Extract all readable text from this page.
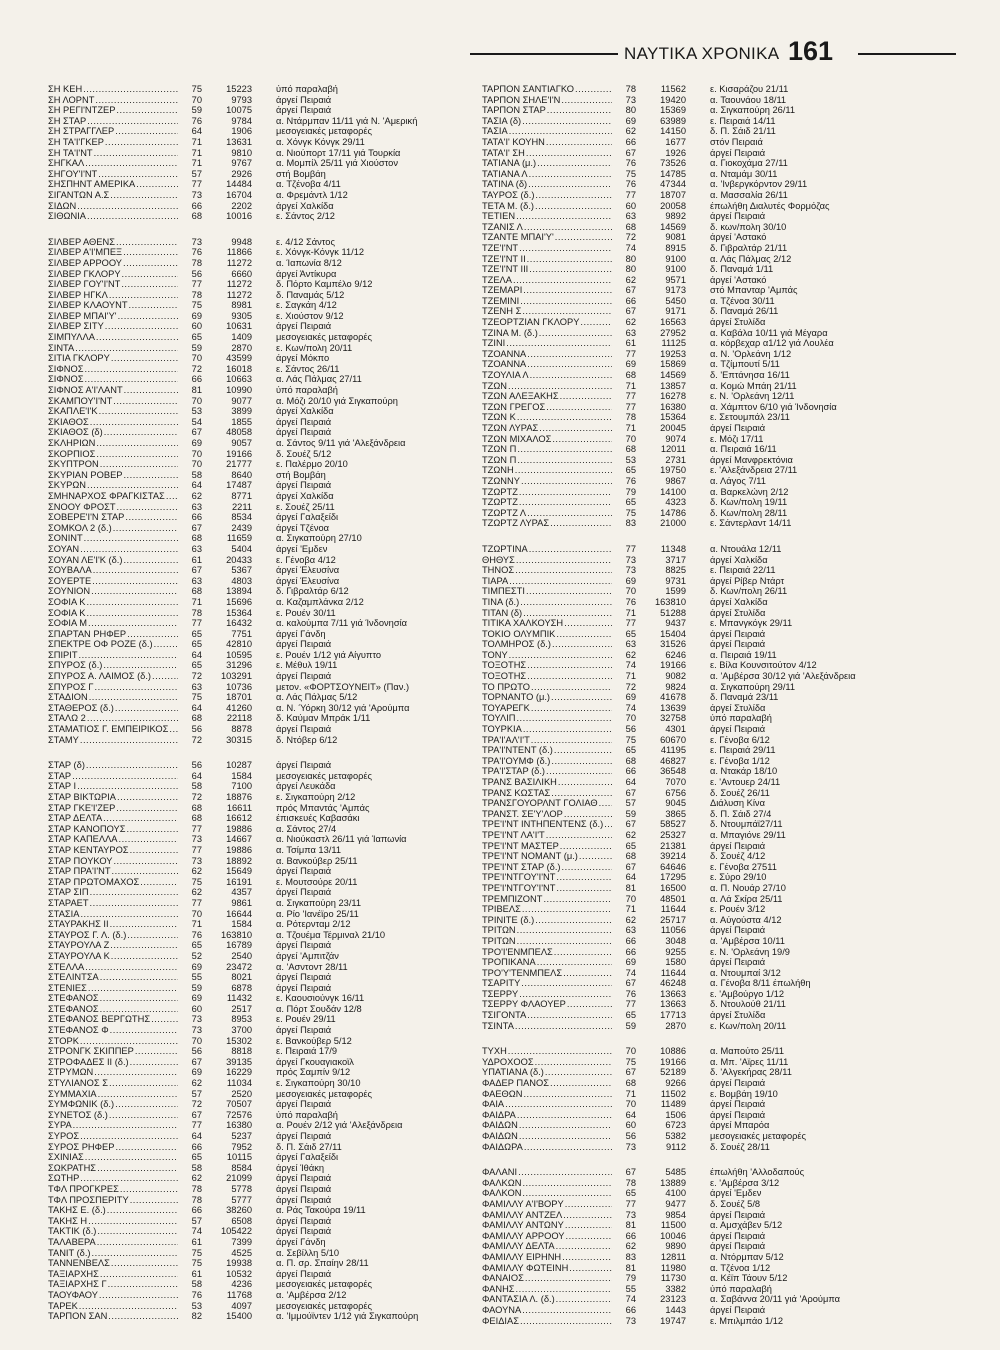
ΝΑΥΤΙΚΑ ΧΡΟΝΙΚΑ 161
ΣΗ ΚΕΗ .....	75	15223	ύπό παραλαβή
ΣΗ ΛΟΡΝΤ .....	70	9793	άργεί Πειραιά
ΣΗ ΡΕΓΙ'ΝΤΖΕΡ .....	59	10075	άργεί Πειραιά
ΣΗ ΣΤΑΡ .....	76	9784	α. Ντάρμπαν 11/11 γιά Ν. 'Αμερική
ΣΗ ΣΤΡΑΓΓΛΕΡ .....	64	1906	μεσογειακές μεταφορές
ΣΗ ΤΑ'Ι'ΓΚΕΡ .....	71	13631	α. Χόνγκ Κόνγκ 29/11
ΣΗ ΤΑ'Ι'ΝΤ .....	71	9810	α. Νιούπορτ 17/11 γιά Τουρκία
ΣΗΓΚΑΛ .....	71	9767	α. Μομπίλ 25/11 γιά Χιούστον
ΣΗΓΟΥ'Ι'ΝΤ .....	57	2926	στή Βομβάη
ΣΗΣΠΗΝΤ ΑΜΕΡΙΚΑ .....	77	14484	α. Τζένοβα 4/11
ΣΙΓΑΝΤΩΝ Α.Σ .....	73	16704	α. Φρεμάντλ 1/12
ΣΙΔΩΝ .....	66	2202	άργεί Χαλκίδα
ΣΙΘΩΝΙΑ .....	68	10016	ε. Σάντος 2/12
ΣΙΛΒΕΡ ΑΘΕΝΣ .....	73	9948	ε. 4/12 Σάντος
ΣΙΛΒΕΡ Α'Ι'ΜΠΕΞ .....	76	11866	ε. Χόνγκ-Κόνγκ 11/12
ΣΙΛΒΕΡ ΑΡΡΟΟΥ .....	78	11272	α. Ίαπωνία 8/12
ΣΙΛΒΕΡ ΓΚΛΟΡΥ .....	56	6660	άργεί Άντίκυρα
ΣΙΛΒΕΡ ΓΟΥ'Ι'ΝΤ .....	77	11272	δ. Πόρτο Καμπέλο 9/12
ΣΙΛΒΕΡ ΗΓΚΛ .....	78	11272	δ. Παναμάς 5/12
ΣΙΛΒΕΡ ΚΛΑΟΥΝΤ .....	75	8981	ε. Σαγκάη 4/12
ΣΙΛΒΕΡ ΜΠΑΙ'Υ' .....	69	9305	ε. Χιούστον 9/12
ΣΙΛΒΕΡ ΣΙΤΥ .....	60	10631	άργεί Πειραιά
ΣΙΜΠΥΛΛΑ .....	65	1409	μεσογειακές μεταφορές
ΣΙΝΤΑ .....	59	2870	ε. Κων/πολη 20/11
ΣΙΤΙΑ ΓΚΛΟΡΥ .....	70	43599	άργεί Μόκπο
ΣΙΦΝΟΣ .....	72	16018	ε. Σάντος 26/11
ΣΙΦΝΟΣ .....	66	10663	α. Λάς Πάλμας 27/11
ΣΙΦΝΟΣ Α'Ι'ΛΑΝΤ .....	81	10990	ύπό παραλαβή
ΣΚΑΜΠΟΥ'Ι'ΝΤ .....	70	9077	α. Μόζι 20/10 γιά Σιγκαπούρη
ΣΚΑΠΛΕ'Ι'Κ .....	53	3899	άργεί Χαλκίδα
ΣΚΙΑΘΟΣ .....	54	1855	άργεί Πειραιά
ΣΚΙΑΘΟΣ (δ) .....	67	48058	άργεί Πειραιά
ΣΚΛΗΡΙΩΝ .....	69	9057	α. Σάντος 9/11 γιά 'Αλεξάνδρεια
ΣΚΟΡΠΙΟΣ .....	70	19166	δ. Σουέζ 5/12
ΣΚΥΠΤΡΟΝ .....	70	21777	ε. Παλέρμο 20/10
ΣΚΥΡΙΑΝ ΡΟΒΕΡ .....	58	8640	στή Βομβάη
ΣΚΥΡΩΝ .....	64	17487	άργεί Πειραιά
ΣΜΗΝΑΡΧΟΣ ΦΡΑΓΚΙΣΤΑΣ .....	62	8771	άργεί Χαλκίδα
ΣΝΟΟΥ ΦΡΟΣΤ .....	63	2211	ε. Σουέζ 25/11
ΣΟΒΕΡΕ'Ι'Ν ΣΤΑΡ .....	66	8534	άργεί Γαλαξείδι
ΣΟΜΚΟΛ 2 (δ.) .....	67	2439	άργεί Τζένοα
ΣΟΝΙΝΤ .....	68	11659	α. Σιγκαπούρη 27/10
ΣΟΥΑΝ .....	63	5404	άργεί 'Εμδεν
ΣΟΥΑΝ ΛΕ'Ι'Κ (δ.) .....	61	20433	ε. Γένοβα 4/12
ΣΟΥΒΑΛΑ .....	67	5367	άργεί Έλευσίνα
ΣΟΥΕΡΤΕ .....	63	4803	άργεί Έλευσίνα
ΣΟΥΝΙΟΝ .....	68	13894	δ. Γιβραλτάρ 6/12
ΣΟΦΙΑ Κ .....	71	15696	α. Καζαμπλάνκα 2/12
ΣΟΦΙΑ Κ .....	78	15364	ε. Ρουέν 30/11
ΣΟΦΙΑ Μ .....	77	16432	α. καλούμπα 7/11 γιά Ίνδονησία
ΣΠΑΡΤΑΝ ΡΗΦΕΡ .....	65	7751	άργεί Γάνδη
ΣΠΕΚΤΡΕ ΟΦ ΡΟΖΕ (δ.) .....	65	42810	άργεί Πειραιά
ΣΠΙΡΙΤ .....	64	10595	ε. Ρουέν 1/12 γιά Αίγυπτο
ΣΠΥΡΟΣ (δ.) .....	65	31296	ε. Μέθυλ 19/11
ΣΠΥΡΟΣ Α. ΛΑΙΜΟΣ (δ.) .....	72	103291	άργεί Πειραιά
ΣΠΥΡΟΣ Γ .....	63	10736	μετον. «ΦΟΡΤΣΟΥΝΕΙΤ» (Παν.)
ΣΤΑΔΙΟΝ .....	75	18701	α. Λάς Πάλμας 5/12
ΣΤΑΘΕΡΟΣ (δ.) .....	64	41260	α. Ν. Ύόρκη 30/12 γιά 'Αρούμπα
ΣΤΑΛΩ 2 .....	68	22118	δ. Καύμαν Μπράκ 1/11
ΣΤΑΜΑΤΙΟΣ Γ. ΕΜΠΕΙΡΙΚΟΣ .....	56	8878	άργεί Πειραιά
ΣΤΑΜΥ .....	72	30315	δ. Ντόβερ 6/12
ΣΤΑΡ (δ) .....	56	10287	άργεί Πειραιά
ΣΤΑΡ .....	64	1584	μεσογειακές μεταφορές
ΣΤΑΡ Ι .....	58	7100	άργεί Λευκάδα
ΣΤΑΡ ΒΙΚΤΩΡΙΑ .....	72	18876	ε. Σιγκαπούρη 2/12
ΣΤΑΡ ΓΚΕ'Ι'ΖΕΡ .....	68	16611	πρός Μπαντάς 'Αμπάς
ΣΤΑΡ ΔΕΛΤΑ .....	68	16612	έπισκευές Καβασάκι
ΣΤΑΡ ΚΑΝΟΠΟΥΣ .....	77	19886	α. Σάντος 27/4
ΣΤΑΡ ΚΑΠΕΛΛΑ .....	73	14667	α. Νιούκαστλ 26/11 γιά Ίαπωνία
ΣΤΑΡ ΚΕΝΤΑΥΡΟΣ .....	77	19886	α. Τσίμπα 13/11
ΣΤΑΡ ΠΟΥΚΟΥ .....	73	18892	α. Βανκούβερ 25/11
ΣΤΑΡ ΠΡΑ'Ι'ΝΤ .....	62	15649	άργεί Πειραιά
ΣΤΑΡ ΠΡΩΤΟΜΑΧΟΣ .....	75	16191	ε. Μουτσούρε 20/11
ΣΤΑΡ ΣΙΠ .....	62	4357	άργεί Πειραιά
ΣΤΑΡΑΕΤ .....	77	9861	α. Σιγκαπούρη 23/11
ΣΤΑΣΙΑ .....	70	16644	α. Ρίο 'Ιανέϊρο 25/11
ΣΤΑΥΡΑΚΗΣ ΙΙ .....	71	1584	α. Ρότερνταμ 2/12
ΣΤΑΥΡΟΣ Γ. Λ. (δ.) .....	76	163810	α. Τζουέμα Τέρμιναλ 21/10
ΣΤΑΥΡΟΥΛΑ Ζ .....	65	16789	άργεί Πειραιά
ΣΤΑΥΡΟΥΛΑ Κ .....	52	2540	άργεί 'Αμπιτζάν
ΣΤΕΛΛΑ .....	69	23472	α. 'Ασντονт 28/11
ΣΤΕΛΙΝΤΣΑ .....	55	8021	άργεί Πειραιά
ΣΤΕΝΙΕΣ .....	59	6878	άργεί Πειραιά
ΣΤΕΦΑΝΟΣ .....	69	11432	ε. Καουσιούνγκ 16/11
ΣΤΕΦΑΝΟΣ .....	60	2517	α. Πόρτ Σουδάν 12/8
ΣΤΕΦΑΝΟΣ ΒΕΡΓΩΤΗΣ .....	73	8953	ε. Ρουέν 29/11
ΣΤΕΦΑΝΟΣ Φ .....	73	3700	άργεί Πειραιά
ΣΤΟΡΚ .....	70	15302	ε. Βανκούβερ 5/12
ΣΤΡΟΝΓΚ ΣΚΙΠΠΕΡ .....	56	8818	ε. Πειραιά 17/9
ΣΤΡΟΦΑΔΕΣ ΙΙ (δ.) .....	67	39135	άργεί Γκουαγιακοϊλ
ΣΤΡΥΜΩΝ .....	69	16229	πρός Σαμπίν 9/12
ΣΤΥΛΙΑΝΟΣ Σ .....	62	11034	ε. Σιγκαπούρη 30/10
ΣΥΜΜΑΧΙΑ .....	57	2520	μεσογειακές μεταφορές
ΣΥΜΦΩΝΙΚ (δ.) .....	72	70507	άργεί Πειραιά
ΣΥΝΕΤΟΣ (δ.) .....	67	72576	ύπό παραλαβή
ΣΥΡΑ .....	77	16380	α. Ρουέν 2/12 γιά 'Αλεξάνδρεια
ΣΥΡΟΣ .....	64	5237	άργεί Πειραιά
ΣΥΡΟΣ ΡΗΦΕΡ .....	66	7952	δ. Π. Σάιδ 27/11
ΣΧΙΝΙΑΣ .....	65	10115	άργεί Γαλαξείδι
ΣΩΚΡΑΤΗΣ .....	58	8584	άργεί Ίθάκη
ΣΩΤΗΡ .....	62	21099	άργεί Πειραιά
ΤΦΛ ΠΡΟΓΚΡΕΣ .....	78	5778	άργεί Πειραιά
ΤΦΛ ΠΡΟΣΠΕΡΙΤΥ .....	78	5777	άργεί Πειραιά
ΤΑΚΗΣ Ε. (δ.) .....	66	38260	α. Ράς Τακούρα 19/11
ΤΑΚΗΣ Η .....	57	6508	άργεί Πειραιά
ΤΑΚΤΙΚ (δ.) .....	74	105422	άργεί Πειραιά
ΤΑΛΑΒΕΡΑ .....	61	7399	άργεί Γάνδη
ΤΑΝΙΤ (δ.) .....	75	4525	α. Σεβίλλη 5/10
ΤΑΝΝΕΝΒΕΛΣ .....	75	19938	α. Π. σρ. Σπαίην 28/11
ΤΑΞΙΑΡΧΗΣ .....	61	10532	άργεί Πειραιά
ΤΑΞΙΑΡΧΗΣ Γ .....	58	4236	μεσογειακές μεταφορές
ΤΑΟΥΦΑΟΥ .....	76	11768	α. 'Αμβέρσα 2/12
ΤΑΡΕΚ .....	53	4097	μεσογειακές μεταφορές
ΤΑΡΠΟΝ ΣΑΝ .....	82	15400	α. 'Ιμμούϊντεν 1/12 γιά Σιγκαπούρη
ΤΑΡΠΟΝ ΣΑΝΤΙΑΓΚΟ .....	78	11562	ε. Κισαράζου 21/11
ΤΑΡΠΟΝ ΣΗΛΕ'Ι'Ν .....	73	19420	α. Ταουνάου 18/11
ΤΑΡΠΟΝ ΣΤΑΡ .....	80	15369	α. Σιγκαπούρη 26/11
ΤΑΣΙΑ (δ) .....	69	63989	ε. Πειραιά 14/11
ΤΑΣΙΑ .....	62	14150	δ. Π. Σάιδ 21/11
ΤΑΤΑ'Ι' ΚΟΥΗΝ .....	66	1677	στόν Πειραιά
ΤΑΤΑ'Ι' ΣΗ .....	67	1926	άργεί Πειραιά
ΤΑΤΙΑΝΑ (μ.) .....	76	73526	α. Γιοκοχάμα 27/11
ΤΑΤΙΑΝΑ Λ .....	75	14785	α. Νταμάμ 30/11
ΤΑΤΙΝΑ (δ) .....	76	47344	α. 'Ινβεργκόρντον 29/11
ΤΑΥΡΟΣ (δ.) .....	77	18707	α. Μασσαλία 26/11
ΤΕΤΑ Μ. (δ.) .....	60	20058	έπωλήθη Διαλυτές Φορμόζας
ΤΕΤΙΕΝ .....	63	9892	άργεί Πειραιά
ΤΖΑΝΙΣ Λ .....	68	14569	δ. κων/πολη 30/10
ΤΖΑΝΤΕ ΜΠΑΙ'Υ' .....	72	9081	άργεί 'Αστακό
ΤΖΕ'Ι'ΝΤ .....	74	8915	δ. Γιβραλτάρ 21/11
ΤΖΕ'Ι'ΝΤ ΙΙ .....	80	9100	α. Λάς Πάλμας 2/12
ΤΖΕ'Ι'ΝΤ ΙΙΙ .....	80	9100	δ. Παναμά 1/11
ΤΖΕΛΑ .....	62	9571	άργεί 'Αστακό
ΤΖΕΜΑΡΙ .....	67	9173	στό Μπανταρ 'Αμπάς
ΤΖΕΜΙΝΙ .....	66	5450	α. Τζένοα 30/11
ΤΖΕΝΗ Σ .....	67	9171	δ. Παναμά 26/11
ΤΖΕΟΡΤΖΙΑΝ ΓΚΛΟΡΥ .....	62	16563	άργεί Στυλίδα
ΤΖΙΝΑ Μ. (δ.) .....	63	27952	α. Καβάλα 10/11 γιά Μέγαρα
ΤΖΙΝΙ .....	61	11125	α. κόρβεχαρ α1/12 γιά Λουλέα
ΤΖΟΑΝΝΑ .....	77	19253	α. Ν. 'Ορλεάνη 1/12
ΤΖΟΑΝΝΑ .....	69	15869	α. Τζίμπουτί 5/11
ΤΖΟΥΛΙΑ Λ .....	68	14569	δ. 'Επτάνησα 16/11
ΤΖΩΝ .....	71	13857	α. Κομώ Μπάη 21/11
ΤΖΩΝ ΑΛΕΞΑΚΗΣ .....	77	16278	ε. Ν. 'Ορλεάνη 12/11
ΤΖΩΝ ΓΡΕΓΟΣ .....	77	16380	α. Χάμπτον 6/10 γιά Ίνδονησία
ΤΖΩΝ Κ .....	78	15364	ε. Σετουμπάλ 23/11
ΤΖΩΝ ΛΥΡΑΣ .....	71	20045	άργεί Πειραιά
ΤΖΩΝ ΜΙΧΑΛΟΣ .....	70	9074	ε. Μόζι 17/11
ΤΖΩΝ Π .....	68	12011	α. Πειραιά 16/11
ΤΖΩΝ Π .....	53	2731	άργεί Μανφρεκτόνια
ΤΖΩΝΗ .....	65	19750	ε. 'Αλεξάνδρεια 27/11
ΤΖΩΝΝΥ .....	76	9867	α. Λάγος 7/11
ΤΖΩΡΤΖ .....	79	14100	α. Βαρκελώνη 2/12
ΤΖΩΡΤΖ .....	65	4323	δ. Κων/πολη 19/11
ΤΖΩΡΤΖ Λ .....	75	14786	δ. Κων/πολη 28/11
ΤΖΩΡΤΖ ΛΥΡΑΣ .....	83	21000	ε. Σάντερλαντ 14/11
ΤΖΩΡΤΙΝΑ .....	77	11348	α. Ντουάλα 12/11
ΘΗΘΥΣ .....	73	3717	άργεί Χαλκίδα
ΤΗΝΟΣ .....	73	8825	ε. Πειραιά 22/11
ΤΙΑΡΑ .....	69	9731	άργεί Ρίβερ Ντάρτ
ΤΙΜΠΕΣΤΙ .....	70	1599	δ. Κων/πολη 26/11
ΤΙΝΑ (δ.) .....	76	163810	άργεί Χαλκίδα
ΤΙΤΑΝ (δ) .....	71	51288	άργεί Στυλίδα
ΤΙΤΙΚΑ ΧΑΛΚΟΥΣΗ .....	77	9437	ε. Μπανγκόγκ 29/11
ΤΟΚΙΟ ΟΛΥΜΠΙΚ .....	65	15404	άργεί Πειραιά
ΤΟΛΜΗΡΟΣ (δ.) .....	63	31526	άργεί Πειραιά
ΤΟΝΥ .....	62	6246	α. Πειραιά 19/11
ΤΟΞΟΤΗΣ .....	74	19166	ε. Βίλα Κουνσιτούτον 4/12
ΤΟΞΟΤΗΣ .....	71	9082	α. 'Αμβέρσα 30/12 γιά 'Αλεξάνδρεια
ΤΟ ΠΡΩΤΟ .....	72	9824	α. Σιγκαπούρη 29/11
ΤΟΡΝΑΝΤΟ (μ.) .....	69	41678	δ. Παναμά 23/11
ΤΟΥΑΡΕΓΚ .....	74	13639	άργεί Στυλίδα
ΤΟΥΛΙΠ .....	70	32758	ύπό παραλαβή
ΤΟΥΡΚΙΑ .....	56	4301	άργεί Πειραιά
ΤΡΑ'Ι'ΑΛ'Ι'Τ .....	75	60670	ε. Γένοβα 6/12
ΤΡΑ'Ι'ΝΤΕΝΤ (δ.) .....	65	41195	ε. Πειραιά 29/11
ΤΡΑ'Ι'ΟΥΜΦ (δ.) .....	68	46827	ε. Γένοβα 1/12
ΤΡΑ'Ι'ΣΤΑΡ (δ.) .....	66	36548	α. Ντακάρ 18/10
ΤΡΑΝΣ ΒΑΣΙΛΙΚΗ .....	64	7070	ε. 'Αντουερ 24/11
ΤΡΑΝΣ ΚΩΣΤΑΣ .....	67	6756	δ. Σουέζ 26/11
ΤΡΑΝΣΓΟΥΟΡΛΝΤ ΓΟΛΙΑΘ .....	57	9045	Διάλυση Κίνα
ΤΡΑΝΣΤ. ΣΕ'Υ'ΛΟΡ .....	59	3865	δ. Π. Σάιδ 27/4
ΤΡΕ'Ι'ΝΤ ΙΝΤΗΠΕΝΤΕΝΣ (δ.) .....	67	58527	δ. Ντουμπάϊ27/11
ΤΡΕ'Ι'ΝΤ ΛΑ'Ι'Τ .....	62	25327	α. Μπαγιόνε 29/11
ΤΡΕ'Ι'ΝΤ ΜΑΣΤΕΡ .....	65	21381	άργεί Πειραιά
ΤΡΕ'Ι'ΝΤ ΝΟΜΑΝΤ (μ.) .....	68	39214	δ. Σουέζ 4/12
ΤΡΕ'Ι'ΝΤ ΣΤΑΡ (δ.) .....	67	64646	ε. Γένοβα 27511
ΤΡΕ'Ι'ΝΤΓΟΥ'Ι'ΝΤ .....	64	17295	ε. Σύρο 29/10
ΤΡΕ'Ι'ΝΤΓΟΥ'Ι'ΝΤ .....	81	16500	α. Π. Νουάρ 27/10
ΤΡΕΜΠΙΖΟΝΤ .....	70	48501	α. Λά Σκίρα 25/11
ΤΡΙΒΕΛΣ .....	71	11644	ε. Ρουέν 3/12
ΤΡΙΝΙΤΕ (δ.) .....	62	25717	α. Αύγούστα 4/12
ΤΡΙΤΩΝ .....	63	11056	άργεί Πειραιά
ΤΡΙΤΩΝ .....	66	3048	α. 'Αμβέρσα 10/11
ΤΡΟ'Ι'ΕΝΜΠΕΛΣ .....	66	9255	ε. Ν. 'Ορλεάνη 19/9
ΤΡΟΠΙΚΑΝΑ .....	69	1580	άργεί Πειραιά
ΤΡΟ'Υ'ΤΕΝΜΠΕΛΣ .....	74	11644	α. Ντουμπαί 3/12
ΤΣΑΡΙΤΥ .....	67	46248	α. Γένοβα 8/11 έπωλήθη
ΤΣΕΡΡΥ .....	76	13663	ε. 'Αμβούργο 1/12
ΤΣΕΡΡΥ ΦΛΑΟΥΕΡ .....	77	13663	δ. Ντουλούθ 21/11
ΤΣΙΓΟΝΤΑ .....	65	17713	άργεί Στυλίδα
ΤΣΙΝΤΑ .....	59	2870	ε. Κων/πολη 20/11
ΤΥΧΗ .....	70	10886	α. Μαπούτο 25/11
ΥΔΡΟΧΟΟΣ .....	75	19166	α. Μπ. 'Αϊρες 11/11
ΥΠΑΤΙΑΝΑ (δ.) .....	67	52189	δ. 'Αλγεκήρας 28/11
ΦΑΔΕΡ ΠΑΝΟΣ .....	68	9266	άργεί Πειραιά
ΦΑΕΘΩΝ .....	71	11502	ε. Βομβάη 19/10
ΦΑΙΑ .....	70	11489	άργεί Πειραιά
ΦΑΙΔΡΑ .....	64	1506	άργεί Πειραιά
ΦΑΙΔΩΝ .....	60	6723	άργεί Μπαρόα
ΦΑΙΔΩΝ .....	56	5382	μεσογειακές μεταφορές
ΦΑΙΔΩΡΑ .....	73	9112	δ. Σουέζ 28/11
ΦΑΛΑΝΙ .....	67	5485	έπωλήθη 'Αλλοδαπούς
ΦΑΛΚΩΝ .....	78	13889	ε. 'Αμβέρσα 3/12
ΦΑΛΚΟΝ .....	65	4100	άργεί 'Εμδεν
ΦΑΜΙΛΛΥ Α'Ι'ΒΟΡΥ .....	77	9477	δ. Σουέζ 5/8
ΦΑΜΙΛΛΥ ΑΝΤΖΕΛ .....	73	9854	άργεί Πειραιά
ΦΑΜΙΛΛΥ ΑΝΤΩΝΥ .....	81	11500	α. Αμσχάβεν 5/12
ΦΑΜΙΛΛΥ ΑΡΡΟΟΥ .....	66	10046	άργεί Πειραιά
ΦΑΜΙΛΛΥ ΔΕΛΤΑ .....	62	9890	άργεί Πειραιά
ΦΑΜΙΛΛΥ ΕΙΡΗΝΗ .....	83	12811	α. Ντόρμπαν 5/12
ΦΑΜΙΛΛΥ ΦΩΤΕΙΝΗ .....	81	11980	α. Τζένοα 1/12
ΦΑΝΑΙΟΣ .....	79	11730	α. Κέϊπ Τάουν 5/12
ΦΑΝΗΣ .....	55	3382	ύπό παραλαβή
ΦΑΝΤΑΣΙΑ Λ. (δ.) .....	74	23123	α. Σαβάννα 20/11 γιά 'Αρούμπα
ΦΑΟΥΝΑ .....	66	1443	άργεί Πειραιά
ΦΕΙΔΙΑΣ .....	73	19747	ε. Μπιλμπάο 1/12
